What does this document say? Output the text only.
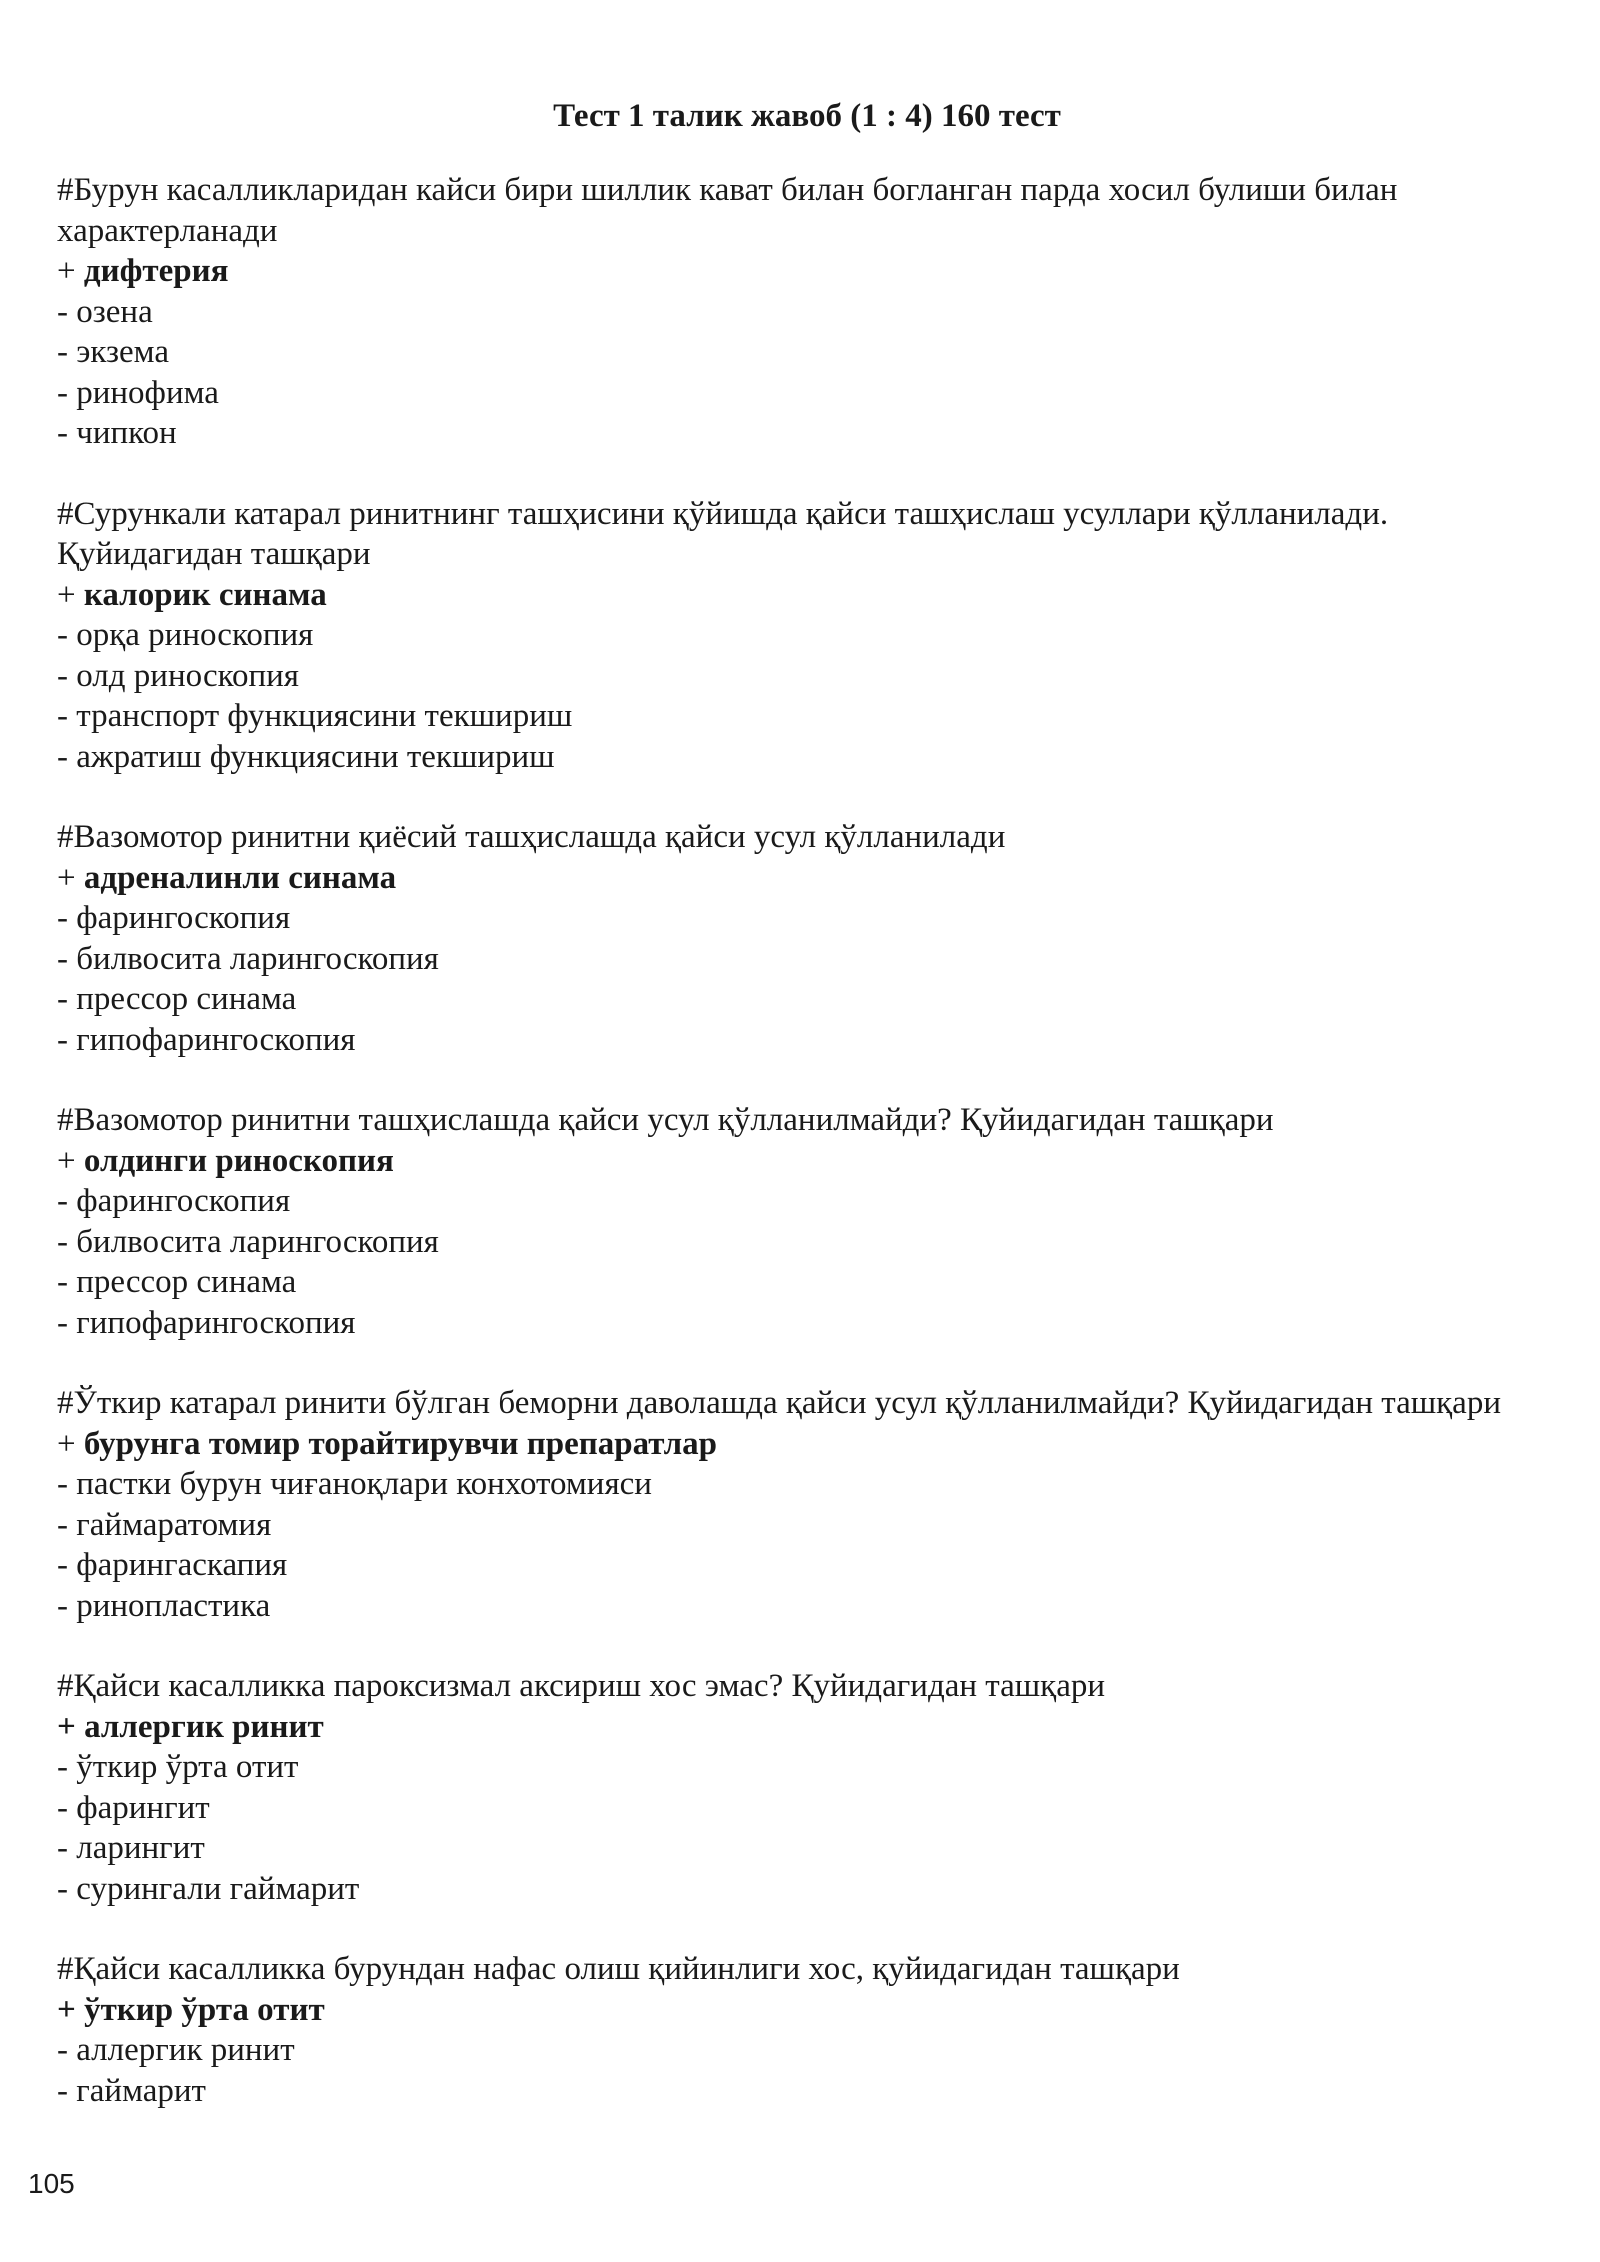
Тест 1 талик жавоб (1 : 4) 160 тест
#Бурун касалликларидан кайси бири шиллик кават билан богланган парда хосил булиши билан характерланади
+ дифтерия
- озена
- экзема
- ринофима
- чипкон
#Сурункали катарал ринитнинг ташҳисини қўйишда қайси ташҳислаш усуллари қўлланилади. Қуйидагидан ташқари
+ калорик синама
- орқа риноскопия
- олд риноскопия
- транспорт функциясини текшириш
- ажратиш функциясини текшириш
#Вазомотор ринитни қиёсий ташҳислашда қайси усул қўлланилади
+ адреналинли синама
- фарингоскопия
- билвосита ларингоскопия
- прессор синама
- гипофарингоскопия
#Вазомотор ринитни ташҳислашда қайси усул қўлланилмайди? Қуйидагидан ташқари
+ олдинги риноскопия
- фарингоскопия
- билвосита ларингоскопия
- прессор синама
- гипофарингоскопия
#Ўткир катарал ринити бўлган беморни даволашда қайси усул қўлланилмайди? Қуйидагидан ташқари
+ бурунга томир торайтирувчи препаратлар
- пастки бурун чиғаноқлари конхотомияси
- гаймаратомия
- фарингаскапия
- ринопластика
#Қайси касалликка пароксизмал аксириш хос эмас? Қуйидагидан ташқари
+ аллергик ринит
- ўткир ўрта отит
- фарингит
- ларингит
- сурингали гаймарит
#Қайси касалликка бурундан нафас олиш қийинлиги хос, қуйидагидан ташқари
+ ўткир ўрта отит
- аллергик ринит
- гаймарит
105
